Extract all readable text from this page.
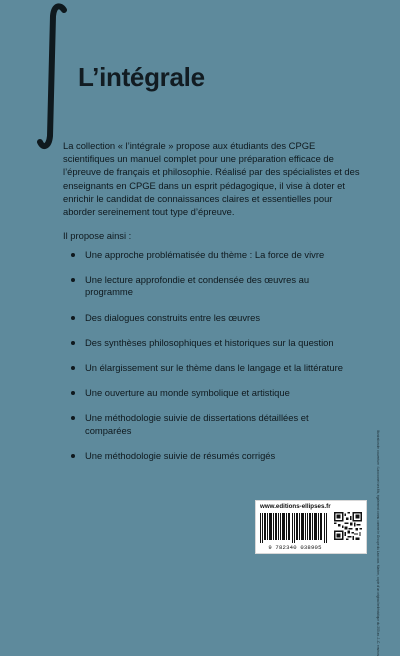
L’intégrale

La collection « l’intégrale » propose aux étudiants des CPGE scientifiques un manuel complet pour une préparation efficace de l’épreuve de français et philosophie. Réalisé par des spécialistes et des enseignants en CPGE dans un esprit pédagogique, il vise à doter et enrichir le candidat de connaissances claires et essentielles pour aborder sereinement tout type d’épreuve.

Il propose ainsi :

Une approche problématisée du thème : La force de vivre
Une lecture approfondie et condensée des œuvres au programme
Des dialogues construits entre les œuvres
Des synthèses philosophiques et historiques sur la question
Un élargissement sur le thème dans le langage et la littérature
Une ouverture au monde symbolique et artistique
Une méthodologie suivie de dissertations détaillées et comparées
Une méthodologie suivie de résumés corrigés	Illustration de couverture : Laocoonet ses fils, également connu comme le Groupe du Laocoon. Marbre, copie d’un original hellénistique du 200 av. J.-C. environ.

www.editions-ellipses.fr

9 782340 038905
